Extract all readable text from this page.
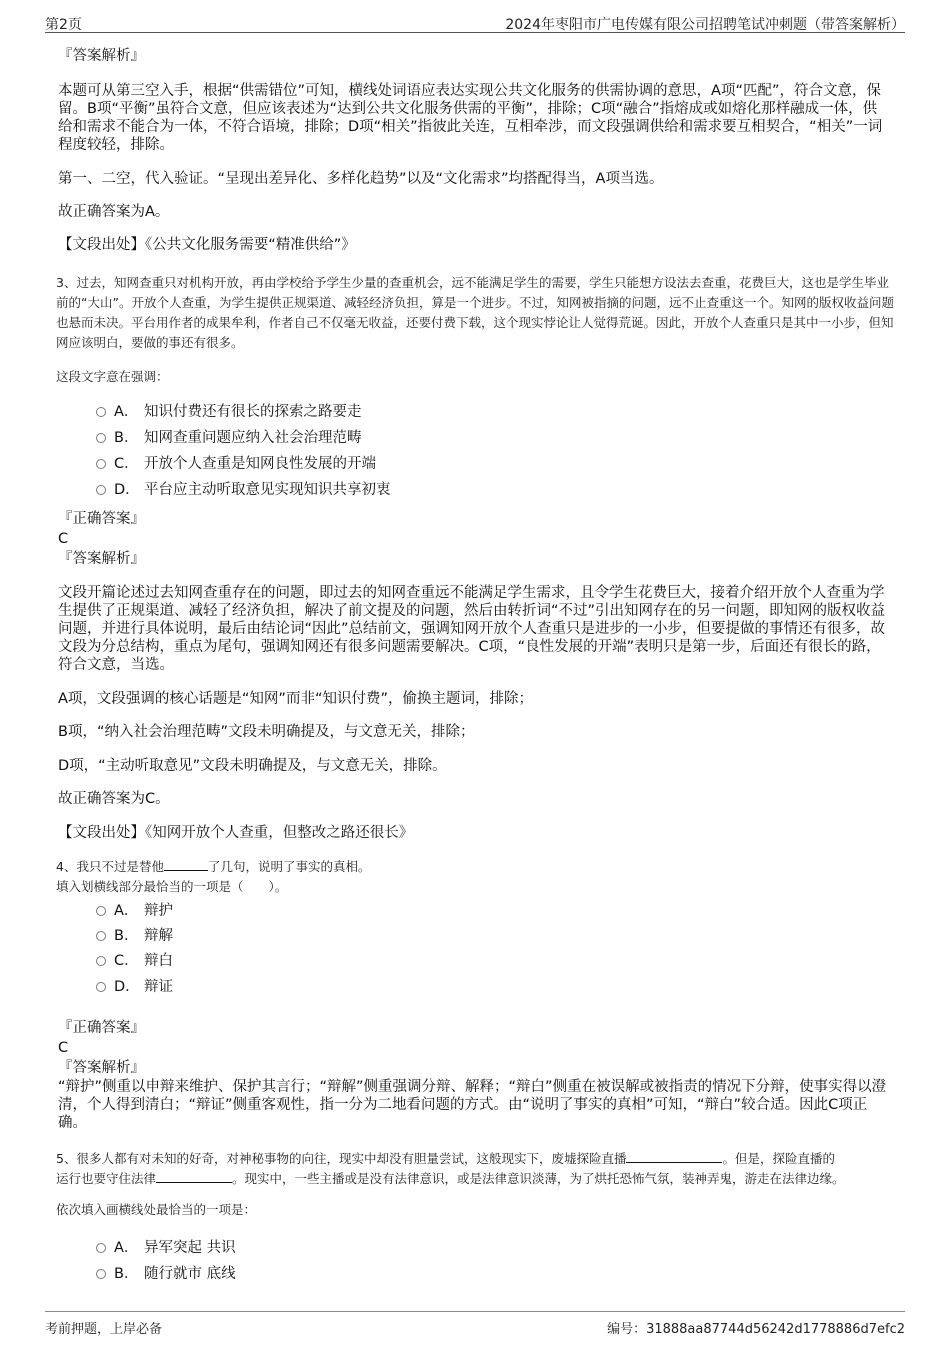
第2页	2024年枣阳市广电传媒有限公司招聘笔试冲刺题（带答案解析）

『答案解析』

本题可从第三空入手，根据“供需错位”可知，横线处词语应表达实现公共文化服务的供需协调的意思，A项“匹配”，符合文意，保留。B项“平衡”虽符合文意，但应该表述为“达到公共文化服务供需的平衡”，排除；C项“融合”指熔成或如熔化那样融成一体，供给和需求不能合为一体，不符合语境，排除；D项“相关”指彼此关连，互相牵涉，而文段强调供给和需求要互相契合，“相关”一词程度较轻，排除。

第一、二空，代入验证。“呈现出差异化、多样化趋势”以及“文化需求”均搭配得当，A项当选。

故正确答案为A。

【文段出处】《公共文化服务需要“精准供给”》

3、过去，知网查重只对机构开放，再由学校给予学生少量的查重机会，远不能满足学生的需要，学生只能想方设法去查重，花费巨大，这也是学生毕业前的“大山”。开放个人查重，为学生提供正规渠道、减轻经济负担，算是一个进步。不过，知网被指摘的问题，远不止查重这一个。知网的版权收益问题也悬而未决。平台用作者的成果牟利，作者自己不仅毫无收益，还要付费下载，这个现实悖论让人觉得荒诞。因此，开放个人查重只是其中一小步，但知网应该明白，要做的事还有很多。

这段文字意在强调：

A． 知识付费还有很长的探索之路要走
B． 知网查重问题应纳入社会治理范畴
C． 开放个人查重是知网良性发展的开端
D． 平台应主动听取意见实现知识共享初衷

『正确答案』

C

『答案解析』

文段开篇论述过去知网查重存在的问题，即过去的知网查重远不能满足学生需求，且令学生花费巨大，接着介绍开放个人查重为学生提供了正规渠道、减轻了经济负担，解决了前文提及的问题，然后由转折词“不过”引出知网存在的另一问题，即知网的版权收益问题，并进行具体说明，最后由结论词“因此”总结前文，强调知网开放个人查重只是进步的一小步，但要提做的事情还有很多，故文段为分总结构，重点为尾句，强调知网还有很多问题需要解决。C项，“良性发展的开端”表明只是第一步，后面还有很长的路，符合文意，当选。

A项，文段强调的核心话题是“知网”而非“知识付费”，偷换主题词，排除；

B项，“纳入社会治理范畴”文段未明确提及，与文意无关，排除；

D项，“主动听取意见”文段未明确提及，与文意无关，排除。

故正确答案为C。

【文段出处】《知网开放个人查重，但整改之路还很长》

4、我只不过是替他	了几句，说明了事实的真相。

填入划横线部分最恰当的一项是（　　）。

A． 辩护
B． 辩解
C． 辩白
D． 辩证

『正确答案』

C

『答案解析』

“辩护”侧重以申辩来维护、保护其言行；“辩解”侧重强调分辩、解释；“辩白”侧重在被误解或被指责的情况下分辩，使事实得以澄清，个人得到清白；“辩证”侧重客观性，指一分为二地看问题的方式。由“说明了事实的真相”可知，“辩白”较合适。因此C项正确。

5、很多人都有对未知的好奇，对神秘事物的向往，现实中却没有胆量尝试，这般现实下，废墟探险直播	。但是，探险直播的
运行也要守住法律	。现实中，一些主播或是没有法律意识，或是法律意识淡薄，为了烘托恐怖气氛，装神弄鬼，游走在法律边缘。

依次填入画横线处最恰当的一项是：

A． 异军突起 共识
B． 随行就市 底线
考前押题，上岸必备	编号：31888aa87744d56242d1778886d7efc2
